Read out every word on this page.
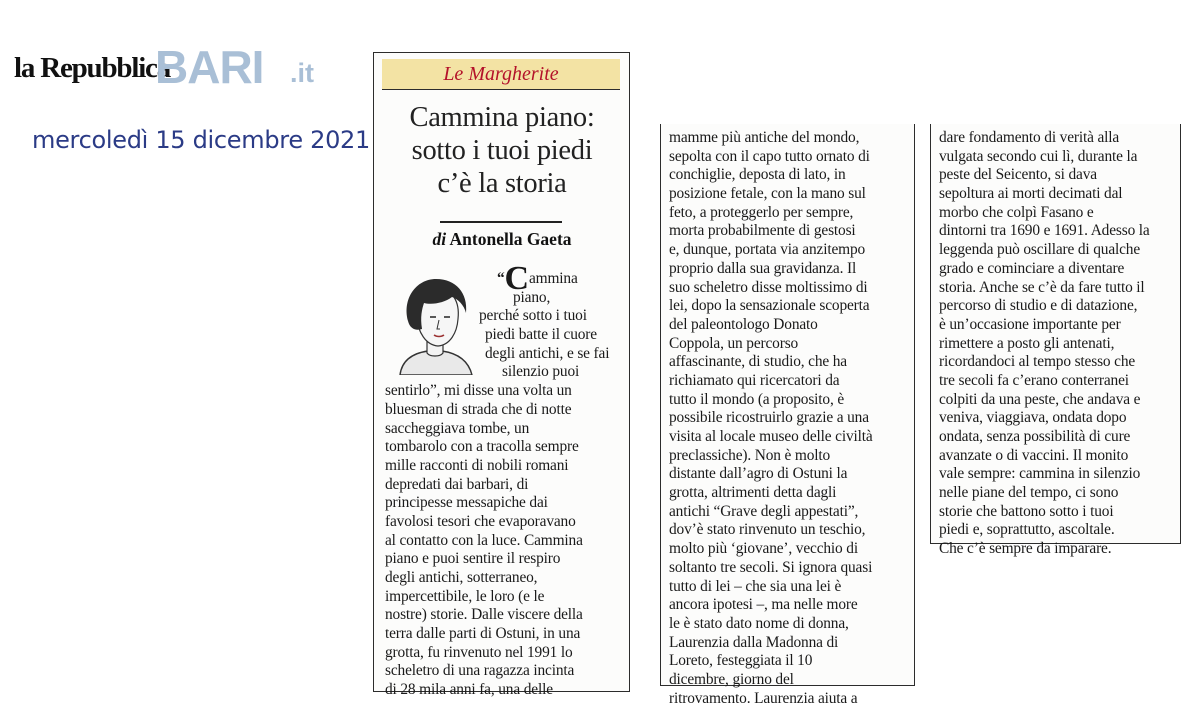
la Repubblica
BARI .it
mercoledì 15 dicembre 2021
Le Margherite
Cammina piano:
sotto i tuoi piedi
c’è la storia
di Antonella Gaeta
“Cammina
piano,
perché sotto i tuoi
piedi batte il cuore
degli antichi, e se fai
silenzio puoi
sentirlo”, mi disse una volta un
bluesman di strada che di notte
saccheggiava tombe, un
tombarolo con a tracolla sempre
mille racconti di nobili romani
depredati dai barbari, di
principesse messapiche dai
favolosi tesori che evaporavano
al contatto con la luce. Cammina
piano e puoi sentire il respiro
degli antichi, sotterraneo,
impercettibile, le loro (e le
nostre) storie. Dalle viscere della
terra dalle parti di Ostuni, in una
grotta, fu rinvenuto nel 1991 lo
scheletro di una ragazza incinta
di 28 mila anni fa, una delle
mamme più antiche del mondo,
sepolta con il capo tutto ornato di
conchiglie, deposta di lato, in
posizione fetale, con la mano sul
feto, a proteggerlo per sempre,
morta probabilmente di gestosi
e, dunque, portata via anzitempo
proprio dalla sua gravidanza. Il
suo scheletro disse moltissimo di
lei, dopo la sensazionale scoperta
del paleontologo Donato
Coppola, un percorso
affascinante, di studio, che ha
richiamato qui ricercatori da
tutto il mondo (a proposito, è
possibile ricostruirlo grazie a una
visita al locale museo delle civiltà
preclassiche). Non è molto
distante dall’agro di Ostuni la
grotta, altrimenti detta dagli
antichi “Grave degli appestati”,
dov’è stato rinvenuto un teschio,
molto più ‘giovane’, vecchio di
soltanto tre secoli. Si ignora quasi
tutto di lei – che sia una lei è
ancora ipotesi –, ma nelle more
le è stato dato nome di donna,
Laurenzia dalla Madonna di
Loreto, festeggiata il 10
dicembre, giorno del
ritrovamento. Laurenzia aiuta a
dare fondamento di verità alla
vulgata secondo cui lì, durante la
peste del Seicento, si dava
sepoltura ai morti decimati dal
morbo che colpì Fasano e
dintorni tra 1690 e 1691. Adesso la
leggenda può oscillare di qualche
grado e cominciare a diventare
storia. Anche se c’è da fare tutto il
percorso di studio e di datazione,
è un’occasione importante per
rimettere a posto gli antenati,
ricordandoci al tempo stesso che
tre secoli fa c’erano conterranei
colpiti da una peste, che andava e
veniva, viaggiava, ondata dopo
ondata, senza possibilità di cure
avanzate o di vaccini. Il monito
vale sempre: cammina in silenzio
nelle piane del tempo, ci sono
storie che battono sotto i tuoi
piedi e, soprattutto, ascoltale.
Che c’è sempre da imparare.
